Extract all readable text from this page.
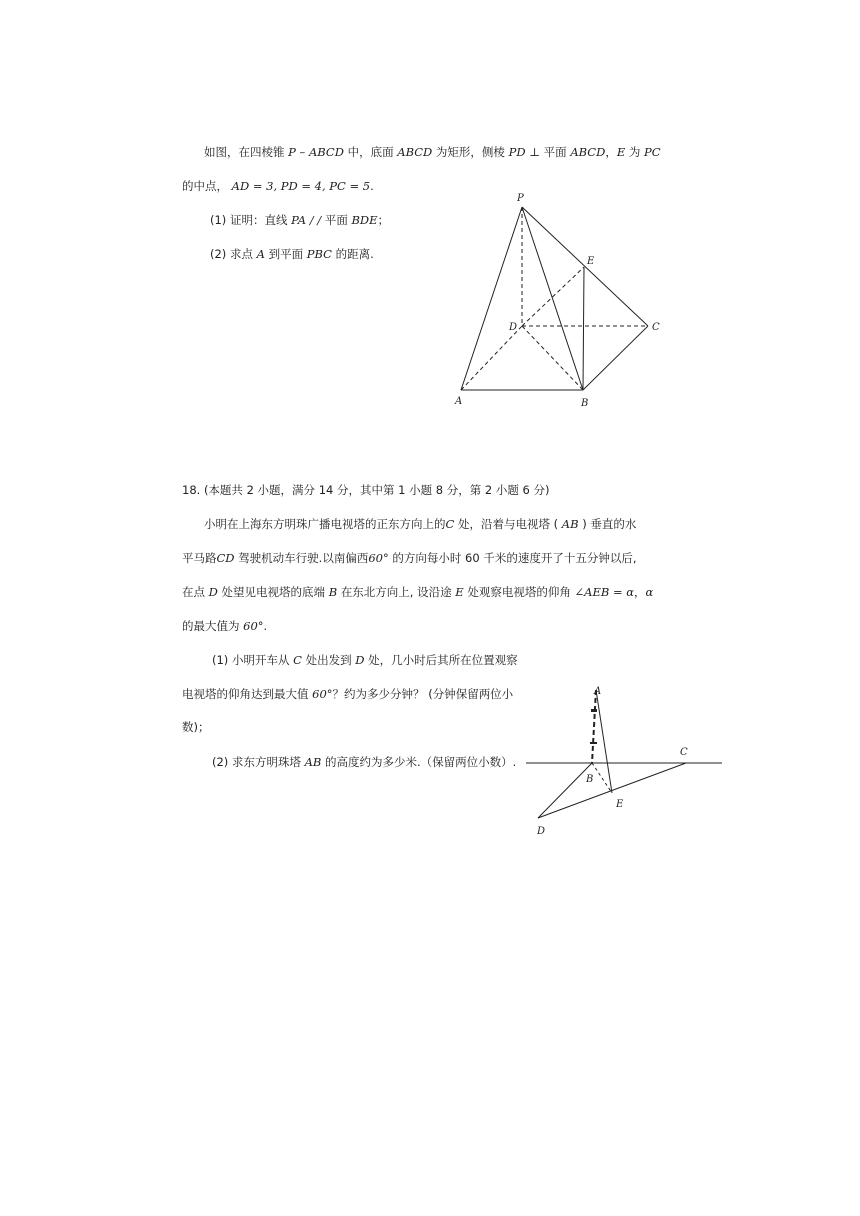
如图，在四棱锥 P – ABCD 中，底面 ABCD 为矩形，侧棱 PD ⊥ 平面 ABCD，E 为 PC
的中点， AD = 3, PD = 4, PC = 5.
(1) 证明：直线 PA / / 平面 BDE；
(2) 求点 A 到平面 PBC 的距离.
P
E
D	C
A	B
18. (本题共 2 小题，满分 14 分，其中第 1 小题 8 分，第 2 小题 6 分)
小明在上海东方明珠广播电视塔的正东方向上的C 处，沿着与电视塔 ( AB ) 垂直的水
平马路CD 驾驶机动车行驶.以南偏西60° 的方向每小时 60 千米的速度开了十五分钟以后,
在点 D 处望见电视塔的底端 B 在东北方向上, 设沿途 E 处观察电视塔的仰角 ∠AEB = α，α
的最大值为 60°.
(1) 小明开车从 C 处出发到 D 处，几小时后其所在位置观察
电视塔的仰角达到最大值 60°？约为多少分钟？ (分钟保留两位小
数)；
(2) 求东方明珠塔 AB 的高度约为多少米.（保留两位小数）.
A
C
B
E
D
